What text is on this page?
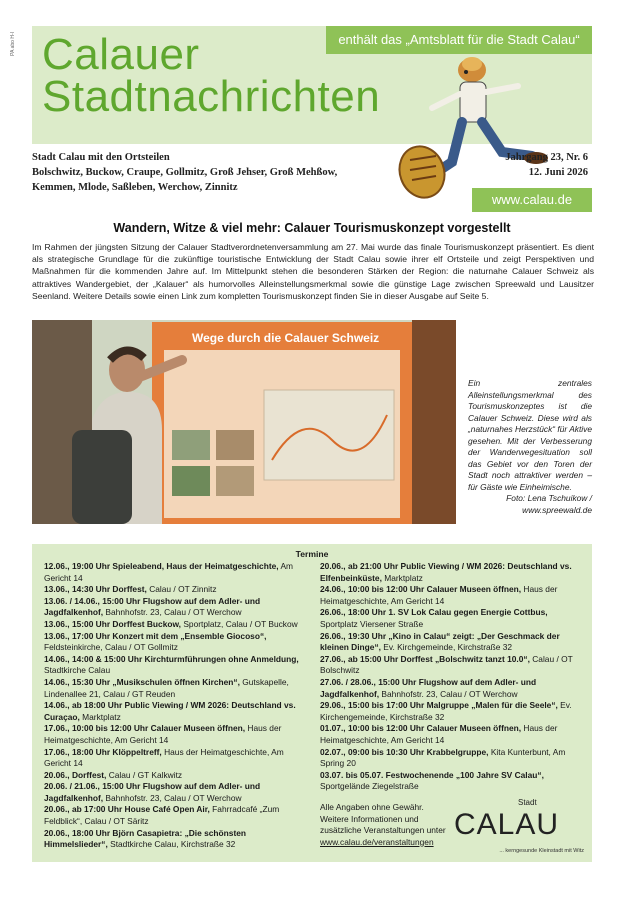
PA abo H-I	enthält das „Amtsblatt für die Stadt Calau“
Calauer
Stadtnachrichten
Stadt Calau mit den Ortsteilen
Bolschwitz, Buckow, Craupe, Gollmitz, Groß Jehser, Groß Mehßow,
Kemmen, Mlode, Saßleben, Werchow, Zinnitz
Jahrgang 23, Nr. 6
12. Juni 2026
www.calau.de
Wandern, Witze & viel mehr: Calauer Tourismuskonzept vorgestellt
Im Rahmen der jüngsten Sitzung der Calauer Stadtverordnetenversammlung am 27. Mai wurde das finale Tourismuskonzept präsentiert. Es dient als strategische Grundlage für die zukünftige touristische Entwicklung der Stadt Calau sowie ihrer elf Ortsteile und zeigt Perspektiven und Maßnahmen für die kommenden Jahre auf. Im Mittelpunkt stehen die besonderen Stärken der Region: die naturnahe Calauer Schweiz als attraktives Wandergebiet, der „Kalauer“ als humorvolles Alleinstellungsmerkmal sowie die günstige Lage zwischen Spreewald und Lausitzer Seenland. Weitere Details sowie einen Link zum kompletten Tourismuskonzept finden Sie in dieser Ausgabe auf Seite 5.
Wege durch die Calauer Schweiz
Ein zentrales Alleinstellungsmerkmal des Tourismuskonzeptes ist die Calauer Schweiz. Diese wird als „naturnahes Herzstück“ für Aktive gesehen. Mit der Verbesserung der Wanderwegesituation soll das Gebiet vor den Toren der Stadt noch attraktiver werden – für Gäste wie Einheimische.
Foto: Lena Tschuikow /
www.spreewald.de
Termine
12.06., 19:00 Uhr Spieleabend, Haus der Heimatgeschichte, Am Gericht 14
13.06., 14:30 Uhr Dorffest, Calau / OT Zinnitz
13.06. / 14.06., 15:00 Uhr Flugshow auf dem Adler- und Jagdfalkenhof, Bahnhofstr. 23, Calau / OT Werchow
13.06., 15:00 Uhr Dorffest Buckow, Sportplatz, Calau / OT Buckow
13.06., 17:00 Uhr Konzert mit dem „Ensemble Giocoso“, Feldsteinkirche, Calau / OT Gollmitz
14.06., 14:00 & 15:00 Uhr Kirchturmführungen ohne Anmeldung, Stadtkirche Calau
14.06., 15:30 Uhr „Musikschulen öffnen Kirchen“, Gutskapelle, Lindenallee 21, Calau / GT Reuden
14.06., ab 18:00 Uhr Public Viewing / WM 2026: Deutschland vs. Curaçao, Marktplatz
17.06., 10:00 bis 12:00 Uhr Calauer Museen öffnen, Haus der Heimatgeschichte, Am Gericht 14
17.06., 18:00 Uhr Klöppeltreff, Haus der Heimatgeschichte, Am Gericht 14
20.06., Dorffest, Calau / GT Kalkwitz
20.06. / 21.06., 15:00 Uhr Flugshow auf dem Adler- und Jagdfalkenhof, Bahnhofstr. 23, Calau / OT Werchow
20.06., ab 17:00 Uhr House Café Open Air, Fahrradcafé „Zum Feldblick“, Calau / OT Säritz
20.06., 18:00 Uhr Björn Casapietra: „Die schönsten Himmelslieder“, Stadtkirche Calau, Kirchstraße 32
20.06., ab 21:00 Uhr Public Viewing / WM 2026: Deutschland vs. Elfenbeinküste, Marktplatz
24.06., 10:00 bis 12:00 Uhr Calauer Museen öffnen, Haus der Heimatgeschichte, Am Gericht 14
26.06., 18:00 Uhr 1. SV Lok Calau gegen Energie Cottbus, Sportplatz Viersener Straße
26.06., 19:30 Uhr „Kino in Calau“ zeigt: „Der Geschmack der kleinen Dinge“, Ev. Kirchgemeinde, Kirchstraße 32
27.06., ab 15:00 Uhr Dorffest „Bolschwitz tanzt 10.0“, Calau / OT Bolschwitz
27.06. / 28.06., 15:00 Uhr Flugshow auf dem Adler- und Jagdfalkenhof, Bahnhofstr. 23, Calau / OT Werchow
29.06., 15:00 bis 17:00 Uhr Malgruppe „Malen für die Seele“, Ev. Kirchengemeinde, Kirchstraße 32
01.07., 10:00 bis 12:00 Uhr Calauer Museen öffnen, Haus der Heimatgeschichte, Am Gericht 14
02.07., 09:00 bis 10:30 Uhr Krabbelgruppe, Kita Kunterbunt, Am Spring 20
03.07. bis 05.07. Festwochenende „100 Jahre SV Calau“, Sportgelände Ziegelstraße
Alle Angaben ohne Gewähr.
Weitere Informationen und
zusätzliche Veranstaltungen unter
www.calau.de/veranstaltungen
Stadt
CALAU
... kerngesunde Kleinstadt mit Witz
